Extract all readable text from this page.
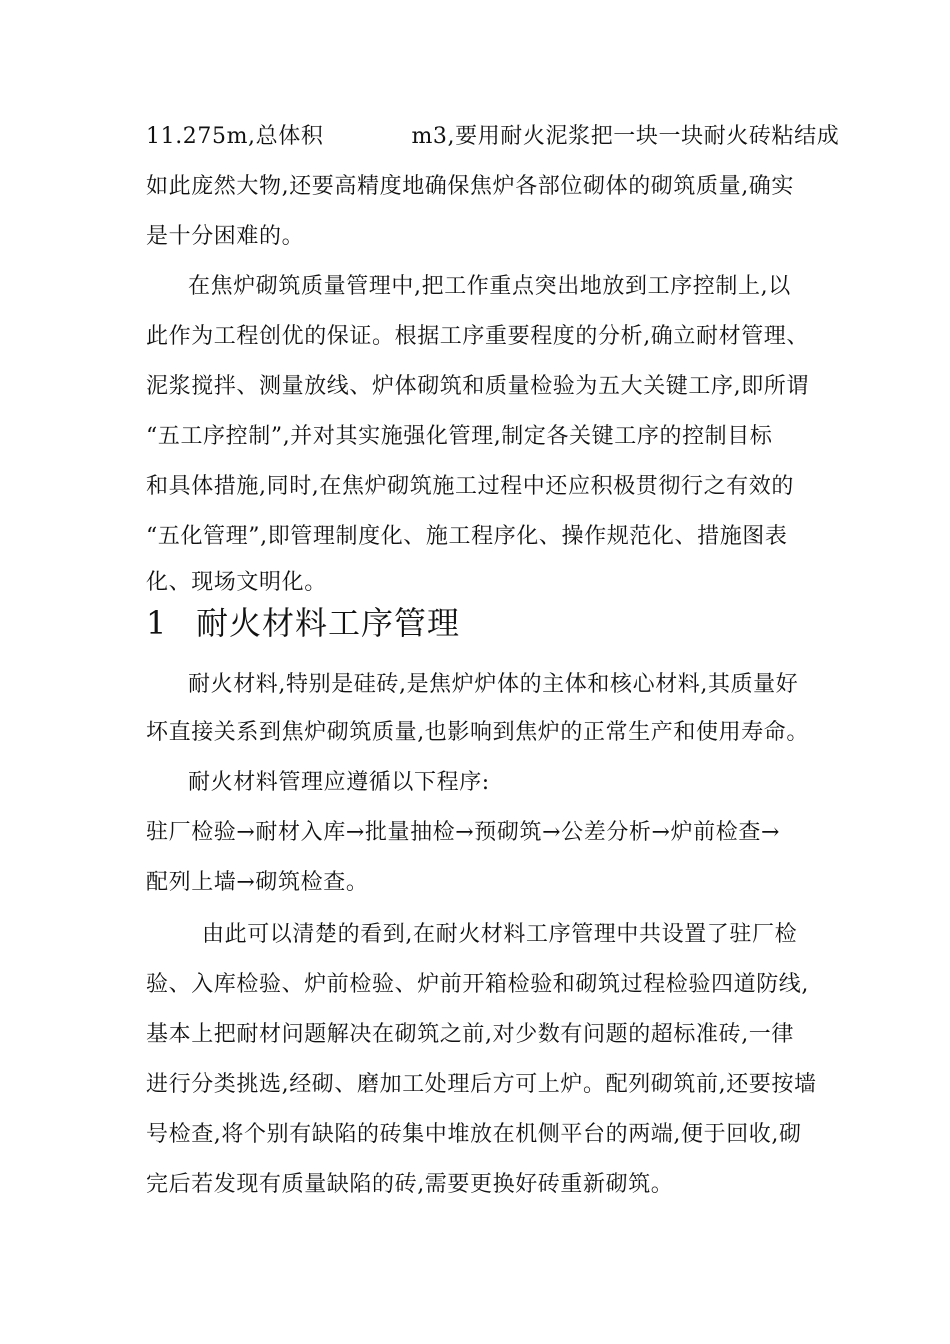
11.275m,总体积	m3,要用耐火泥浆把一块一块耐火砖粘结成
如此庞然大物,还要高精度地确保焦炉各部位砌体的砌筑质量,确实
是十分困难的。
在焦炉砌筑质量管理中,把工作重点突出地放到工序控制上,以
此作为工程创优的保证。根据工序重要程度的分析,确立耐材管理、
泥浆搅拌、测量放线、炉体砌筑和质量检验为五大关键工序,即所谓
“五工序控制”,并对其实施强化管理,制定各关键工序的控制目标
和具体措施,同时,在焦炉砌筑施工过程中还应积极贯彻行之有效的
“五化管理”,即管理制度化、施工程序化、操作规范化、措施图表
化、现场文明化。
1 耐火材料工序管理
耐火材料,特别是硅砖,是焦炉炉体的主体和核心材料,其质量好
坏直接关系到焦炉砌筑质量,也影响到焦炉的正常生产和使用寿命。
耐火材料管理应遵循以下程序:
驻厂检验→耐材入库→批量抽检→预砌筑→公差分析→炉前检查→
配列上墙→砌筑检查。
由此可以清楚的看到,在耐火材料工序管理中共设置了驻厂检
验、入库检验、炉前检验、炉前开箱检验和砌筑过程检验四道防线,
基本上把耐材问题解决在砌筑之前,对少数有问题的超标准砖,一律
进行分类挑选,经砌、磨加工处理后方可上炉。配列砌筑前,还要按墙
号检查,将个别有缺陷的砖集中堆放在机侧平台的两端,便于回收,砌
完后若发现有质量缺陷的砖,需要更换好砖重新砌筑。
